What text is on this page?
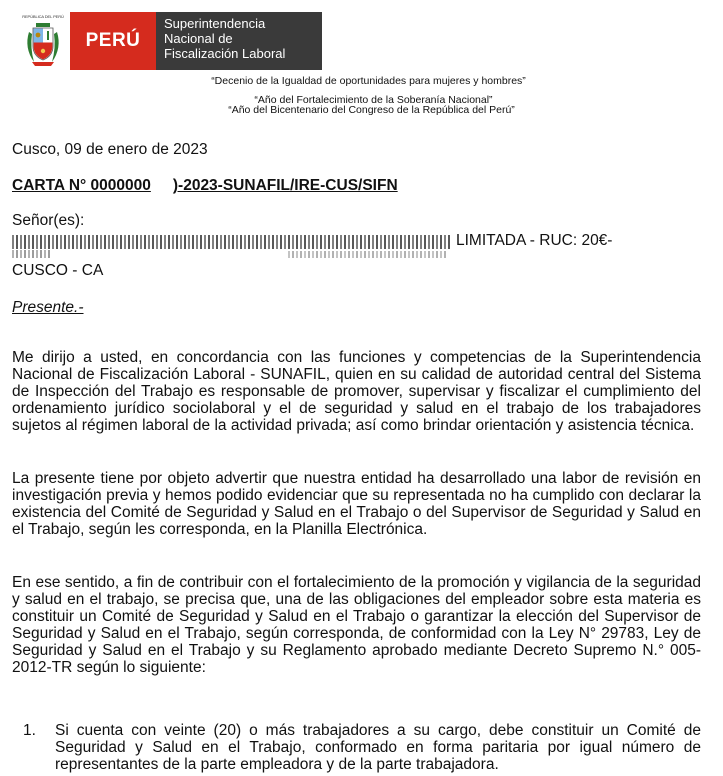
REPÚBLICA DEL PERÚ
PERÚ
Superintendencia
Nacional de
Fiscalización Laboral
“Decenio de la Igualdad de oportunidades para mujeres y hombres”
“Año del Fortalecimiento de la Soberanía Nacional”
“Año del Bicentenario del Congreso de la República del Perú”
Cusco, 09 de enero de 2023
CARTA N° 0000000 )-2023-SUNAFIL/IRE-CUS/SIFN
Señor(es):
LIMITADA - RUC: 20€-
CUSCO - CA
Presente.-
Me dirijo a usted, en concordancia con las funciones y competencias de la Superintendencia Nacional de Fiscalización Laboral - SUNAFIL, quien en su calidad de autoridad central del Sistema de Inspección del Trabajo es responsable de promover, supervisar y fiscalizar el cumplimiento del ordenamiento jurídico sociolaboral y el de seguridad y salud en el trabajo de los trabajadores sujetos al régimen laboral de la actividad privada; así como brindar orientación y asistencia técnica.
La presente tiene por objeto advertir que nuestra entidad ha desarrollado una labor de revisión en investigación previa y hemos podido evidenciar que su representada no ha cumplido con declarar la existencia del Comité de Seguridad y Salud en el Trabajo o del Supervisor de Seguridad y Salud en el Trabajo, según les corresponda, en la Planilla Electrónica.
En ese sentido, a fin de contribuir con el fortalecimiento de la promoción y vigilancia de la seguridad y salud en el trabajo, se precisa que, una de las obligaciones del empleador sobre esta materia es constituir un Comité de Seguridad y Salud en el Trabajo o garantizar la elección del Supervisor de Seguridad y Salud en el Trabajo, según corresponda, de conformidad con la Ley N° 29783, Ley de Seguridad y Salud en el Trabajo y su Reglamento aprobado mediante Decreto Supremo N.° 005-2012-TR según lo siguiente:
1. Si cuenta con veinte (20) o más trabajadores a su cargo, debe constituir un Comité de Seguridad y Salud en el Trabajo, conformado en forma paritaria por igual número de representantes de la parte empleadora y de la parte trabajadora.
